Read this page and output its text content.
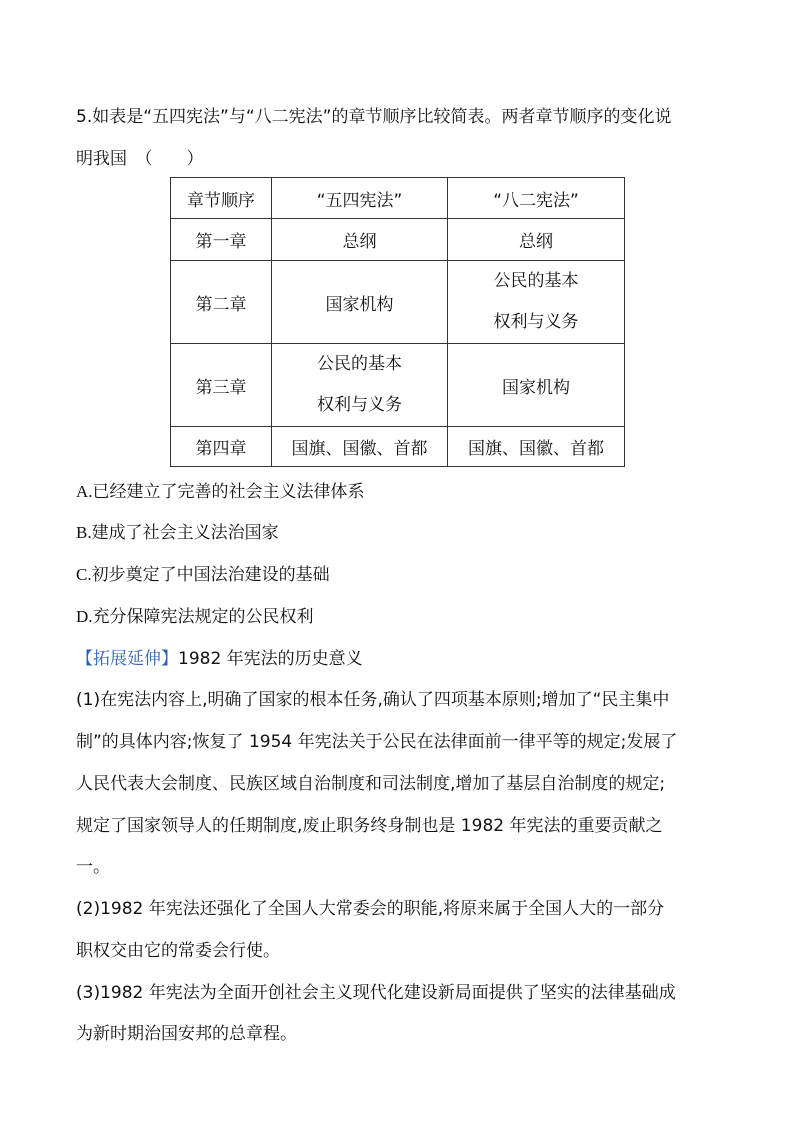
5.如表是“五四宪法”与“八二宪法”的章节顺序比较简表。两者章节顺序的变化说
明我国　（　　）
章节顺序	“五四宪法”	“八二宪法”
第一章	总纲	总纲
第二章	国家机构	公民的基本
权利与义务

第三章	公民的基本
权利与义务	国家机构
第四章	国旗、国徽、首都	国旗、国徽、首都
A.已经建立了完善的社会主义法律体系
B.建成了社会主义法治国家
C.初步奠定了中国法治建设的基础
D.充分保障宪法规定的公民权利
【拓展延伸】1982 年宪法的历史意义
(1)在宪法内容上,明确了国家的根本任务,确认了四项基本原则;增加了“民主集中
制”的具体内容;恢复了 1954 年宪法关于公民在法律面前一律平等的规定;发展了
人民代表大会制度、民族区域自治制度和司法制度,增加了基层自治制度的规定;
规定了国家领导人的任期制度,废止职务终身制也是 1982 年宪法的重要贡献之
一。
(2)1982 年宪法还强化了全国人大常委会的职能,将原来属于全国人大的一部分
职权交由它的常委会行使。
(3)1982 年宪法为全面开创社会主义现代化建设新局面提供了坚实的法律基础成
为新时期治国安邦的总章程。
